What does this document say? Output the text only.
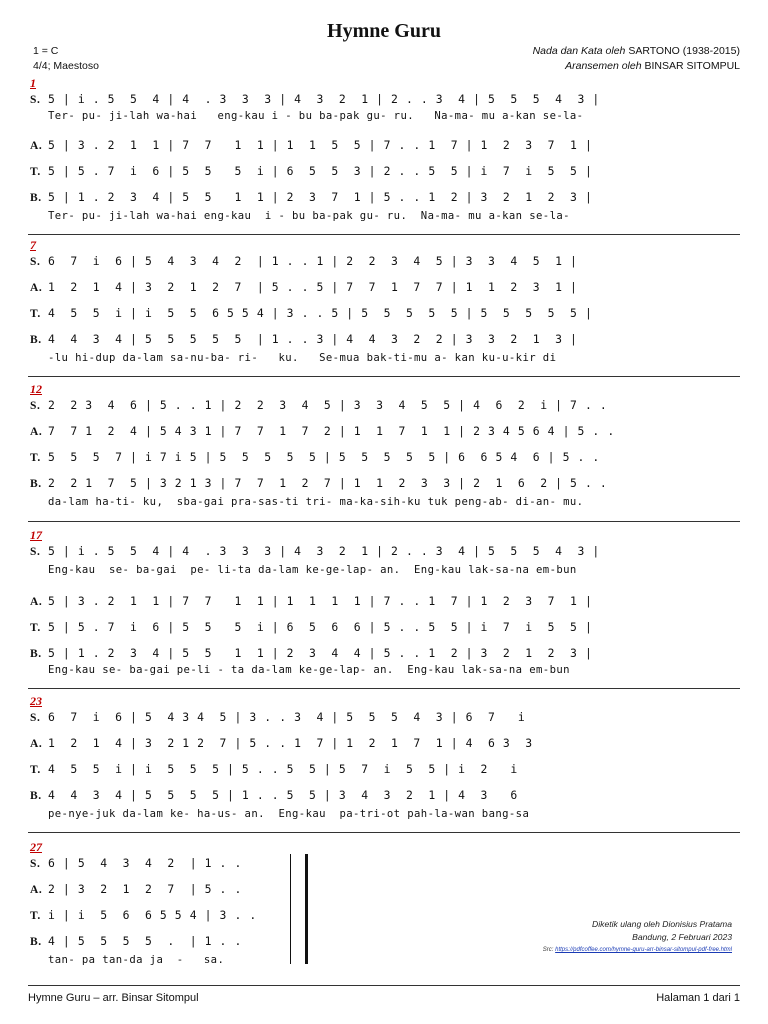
Hymne Guru
1 = C
4/4; Maestoso
Nada dan Kata oleh SARTONO (1938-2015)
Aransemen oleh BINSAR SITOMPUL
1
S. 5 | i . 5  5  4 | 4  . 3  3  3 | 4  3  2  1 | 2 . . 3  4 | 5  5  5  4  3 |
Ter- pu- ji-lah wa-hai   eng-kau i - bu ba-pak gu- ru.   Na-ma- mu a-kan se-la-
A. 5 | 3 . 2  1  1 | 7  7   1  1 | 1  1  5  5 | 7 . . 1  7 | 1  2  3  7  1 |
T. 5 | 5 . 7  i  6 | 5  5   5  i | 6  5  5  3 | 2 . . 5  5 | i  7  i  5  5 |
B. 5 | 1 . 2  3  4 | 5  5   1  1 | 2  3  7  1 | 5 . . 1  2 | 3  2  1  2  3 |
Ter- pu- ji-lah wa-hai eng-kau  i - bu ba-pak gu- ru.  Na-ma- mu a-kan se-la-
7
S. 6  7  i  6 | 5  4  3  4  2  | 1 . . 1 | 2  2  3  4  5 | 3  3  4  5  1 |
A. 1  2  1  4 | 3  2  1  2  7  | 5 . . 5 | 7  7  1  7  7 | 1  1  2  3  1 |
T. 4  5  5  i | i  5  5  6 5 5 4 | 3 . . 5 | 5  5  5  5  5 | 5  5  5  5  5 |
B. 4  4  3  4 | 5  5  5  5  5  | 1 . . 3 | 4  4  3  2  2 | 3  3  2  1  3 |
-lu hi-dup da-lam sa-nu-ba- ri-   ku.   Se-mua bak-ti-mu a- kan ku-u-kir di
12
S. 2  2 3  4  6 | 5 . . 1 | 2  2  3  4  5 | 3  3  4  5  5 | 4  6  2  i | 7 . .
A. 7  7 1  2  4 | 5 4 3 1 | 7  7  1  7  2 | 1  1  7  1  1 | 2 3 4 5 6 4 | 5 . .
T. 5  5  5  7 | i 7 i 5 | 5  5  5  5  5 | 5  5  5  5  5 | 6  6 5 4  6 | 5 . .
B. 2  2 1  7  5 | 3 2 1 3 | 7  7  1  2  7 | 1  1  2  3  3 | 2  1  6  2 | 5 . .
da-lam ha-ti- ku,  sba-gai pra-sas-ti tri- ma-ka-sih-ku tuk peng-ab- di-an- mu.
17
S. 5 | i . 5  5  4 | 4  . 3  3  3 | 4  3  2  1 | 2 . . 3  4 | 5  5  5  4  3 |
Eng-kau  se- ba-gai  pe- li-ta da-lam ke-ge-lap- an.  Eng-kau lak-sa-na em-bun
A. 5 | 3 . 2  1  1 | 7  7   1  1 | 1  1  1  1 | 7 . . 1  7 | 1  2  3  7  1 |
T. 5 | 5 . 7  i  6 | 5  5   5  i | 6  5  6  6 | 5 . . 5  5 | i  7  i  5  5 |
B. 5 | 1 . 2  3  4 | 5  5   1  1 | 2  3  4  4 | 5 . . 1  2 | 3  2  1  2  3 |
Eng-kau se- ba-gai pe-li - ta da-lam ke-ge-lap- an.  Eng-kau lak-sa-na em-bun
23
S. 6  7  i  6 | 5  4 3 4  5 | 3 . . 3  4 | 5  5  5  4  3 | 6  7   i
A. 1  2  1  4 | 3  2 1 2  7 | 5 . . 1  7 | 1  2  1  7  1 | 4  6 3  3
T. 4  5  5  i | i  5  5  5 | 5 . . 5  5 | 5  7  i  5  5 | i  2   i
B. 4  4  3  4 | 5  5  5  5 | 1 . . 5  5 | 3  4  3  2  1 | 4  3   6
pe-nye-juk da-lam ke- ha-us- an.  Eng-kau  pa-tri-ot pah-la-wan bang-sa
27
S. 6 | 5  4  3  4  2  | 1 . .
A. 2 | 3  2  1  2  7  | 5 . .
T. i | i  5  6  6 5 5 4 | 3 . .
B. 4 | 5  5  5  5  .  | 1 . .
tan- pa tan-da ja  -   sa.
Diketik ulang oleh Dionisius Pratama
Bandung, 2 Februari 2023
Src: https://pdfcoffee.com/hymne-guru-arr-binsar-sitompul-pdf-free.html
Hymne Guru – arr. Binsar Sitompul	Halaman 1 dari 1
